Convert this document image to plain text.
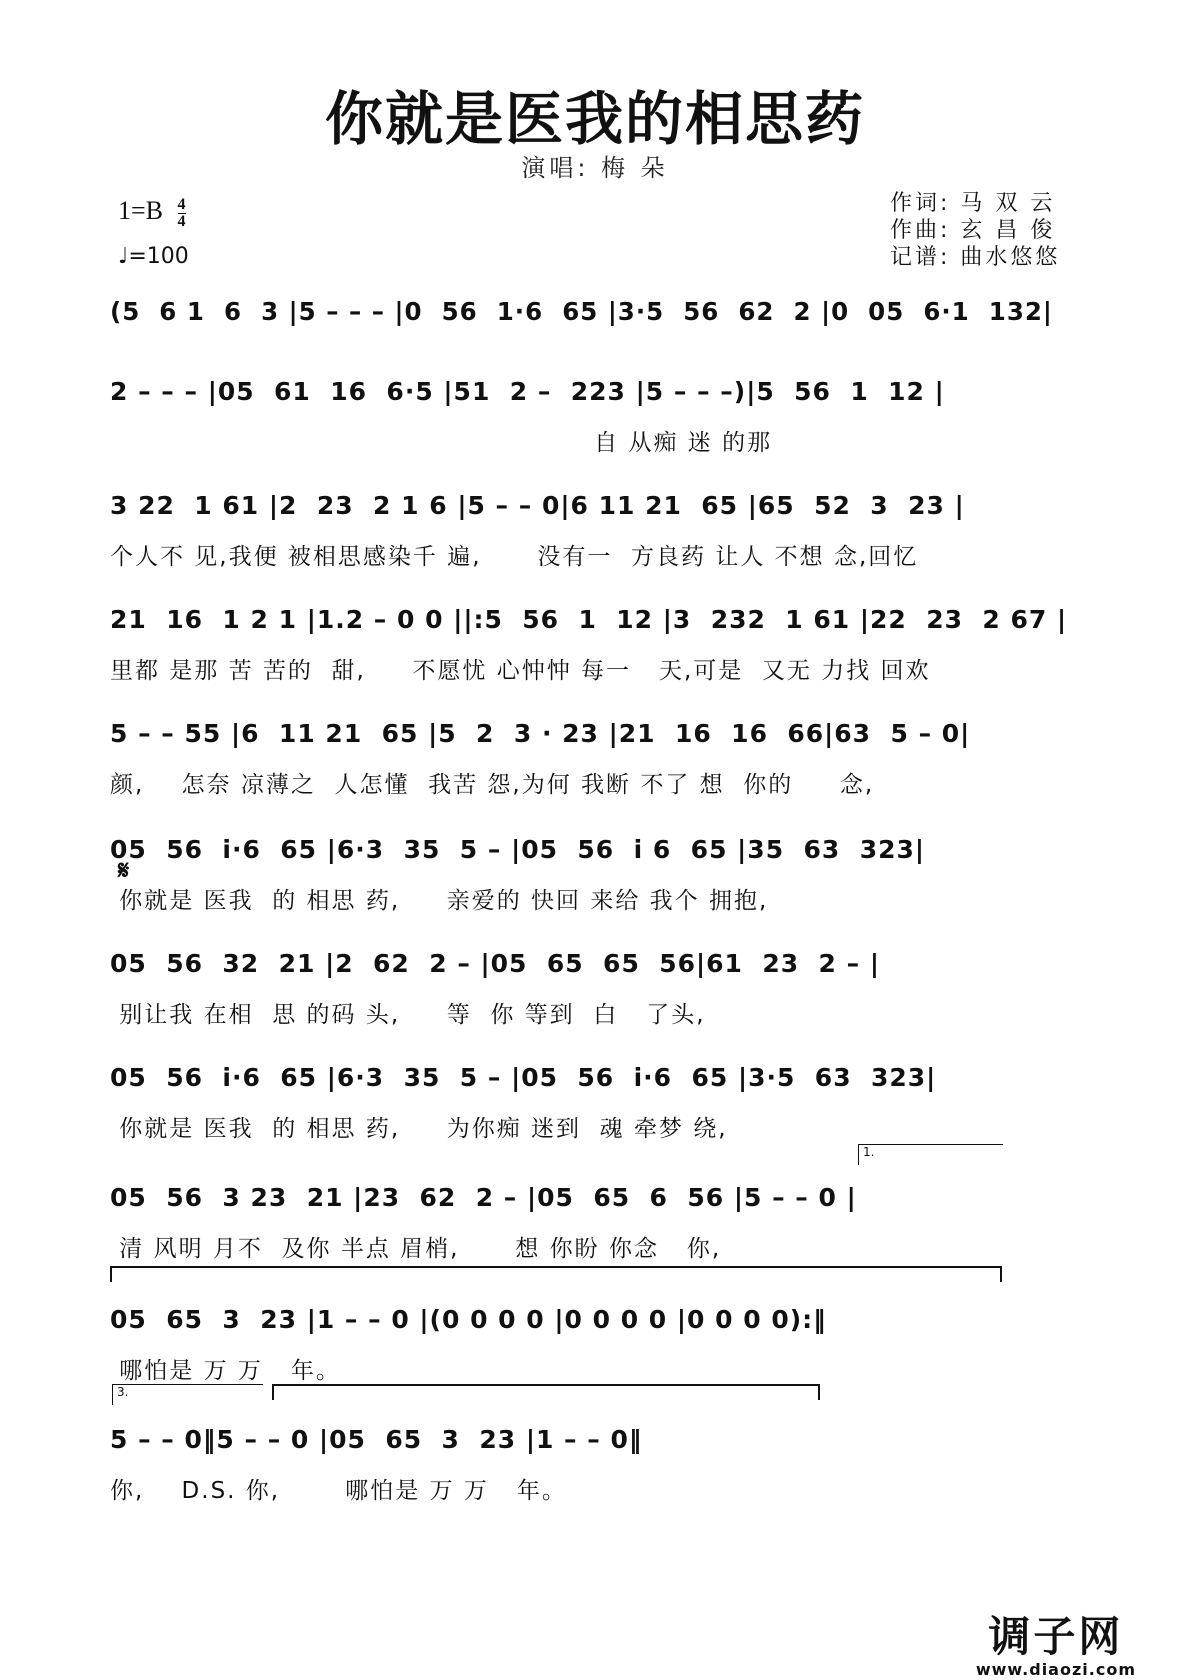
你就是医我的相思药
演唱: 梅 朵
$1=B \frac{4}{4}$
♩=100
作词: 马 双 云
作曲: 玄 昌 俊
记谱: 曲水悠悠
𝄋
(5  6 1  6  3 |5 – – – |0  56  1·6  65 |3·5  56  62  2 |0  05  6·1  132|
2 – – – |05  61  16  6·5 |51  2 –  223 |5 – – –)|5  56  1  12 |
自 从痴 迷 的那
3 22  1 61 |2  23  2 1 6 |5 – – 0|6 11 21  65 |65  52  3  23 |
个人不 见,我便 被相思感染千 遍,      没有一  方良药 让人 不想 念,回忆
21  16  1 2 1 |1.2 – 0 0 ||:5  56  1  12 |3  232  1 61 |22  23  2 67 |
里都 是那 苦 苦的  甜,     不愿忧 心忡忡 每一   天,可是  又无 力找 回欢
5 – – 55 |6  11 21  65 |5  2  3 · 23 |21  16  16  66|63  5 – 0|
颜,    怎奈 凉薄之  人怎懂  我苦 怨,为何 我断 不了 想  你的     念,
05  56  i·6  65 |6·3  35  5 – |05  56  i 6  65 |35  63  323|
你就是 医我  的 相思 药,     亲爱的 快回 来给 我个 拥抱,
05  56  32  21 |2  62  2 – |05  65  65  56|61  23  2 – |
别让我 在相  思 的码 头,     等  你 等到  白   了头,
05  56  i·6  65 |6·3  35  5 – |05  56  i·6  65 |3·5  63  323|
你就是 医我  的 相思 药,     为你痴 迷到  魂 牵梦 绕,
1.
05  56  3 23  21 |23  62  2 – |05  65  6  56 |5 – – 0 |
清 风明 月不  及你 半点 眉梢,      想 你盼 你念   你,
05  65  3  23 |1 – – 0 |(0 0 0 0 |0 0 0 0 |0 0 0 0):‖
哪怕是 万 万   年。
3.
5 – – 0‖5 – – 0 |05  65  3  23 |1 – – 0‖
你,    D.S. 你,       哪怕是 万 万   年。
调子网
www.diaozi.com
